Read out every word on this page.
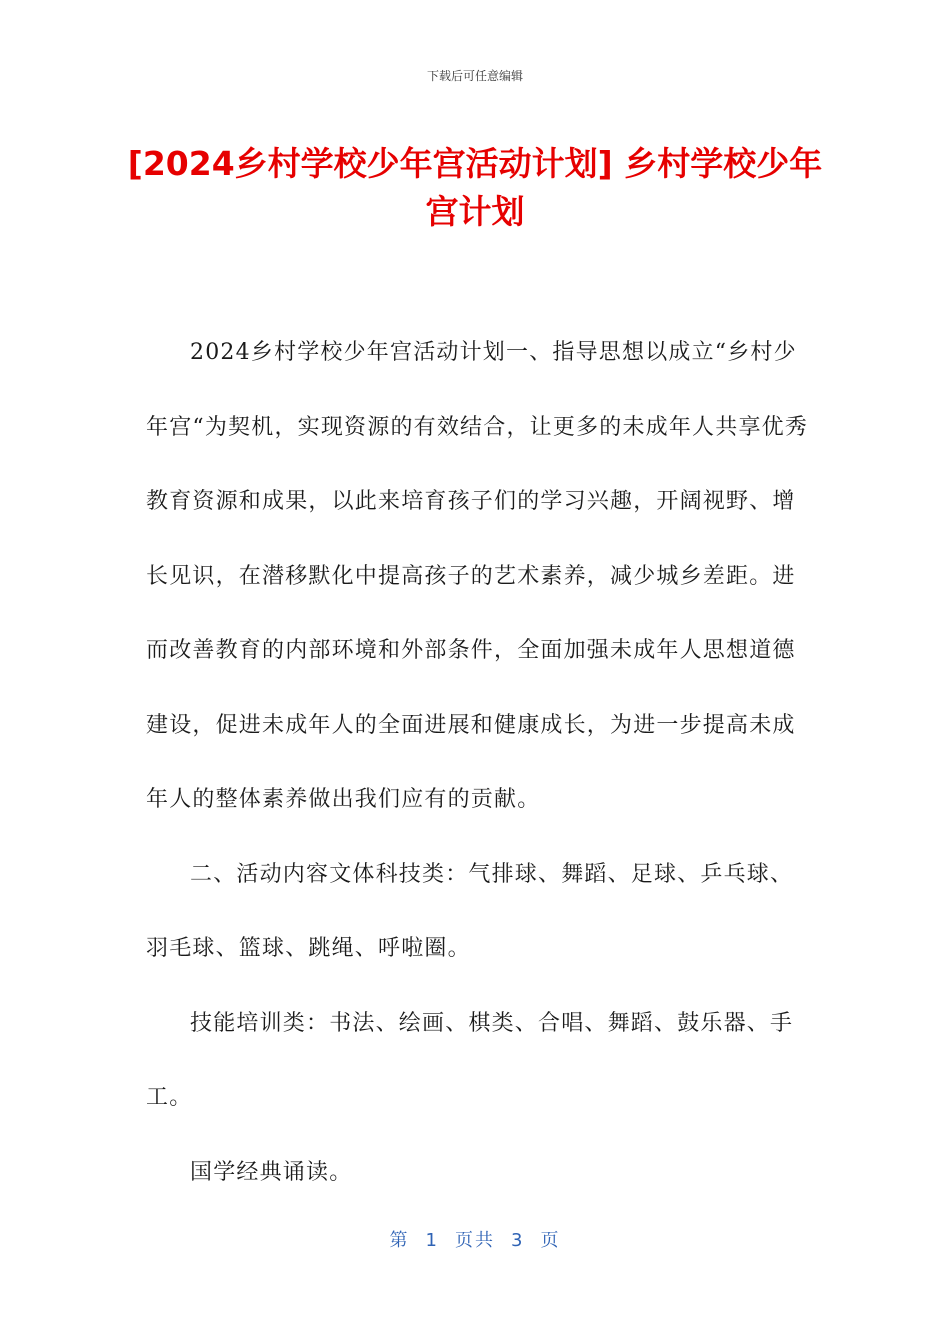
下载后可任意编辑
[2024乡村学校少年宫活动计划] 乡村学校少年宫计划

2024乡村学校少年宫活动计划一、指导思想以成立“乡村少年宫“为契机，实现资源的有效结合，让更多的未成年人共享优秀教育资源和成果，以此来培育孩子们的学习兴趣，开阔视野、增长见识，在潜移默化中提高孩子的艺术素养，减少城乡差距。进而改善教育的内部环境和外部条件，全面加强未成年人思想道德建设，促进未成年人的全面进展和健康成长，为进一步提高未成年人的整体素养做出我们应有的贡献。

二、活动内容文体科技类：气排球、舞蹈、足球、乒乓球、羽毛球、篮球、跳绳、呼啦圈。

技能培训类：书法、绘画、棋类、合唱、舞蹈、鼓乐器、手工。

国学经典诵读。

第 1 页共 3 页
